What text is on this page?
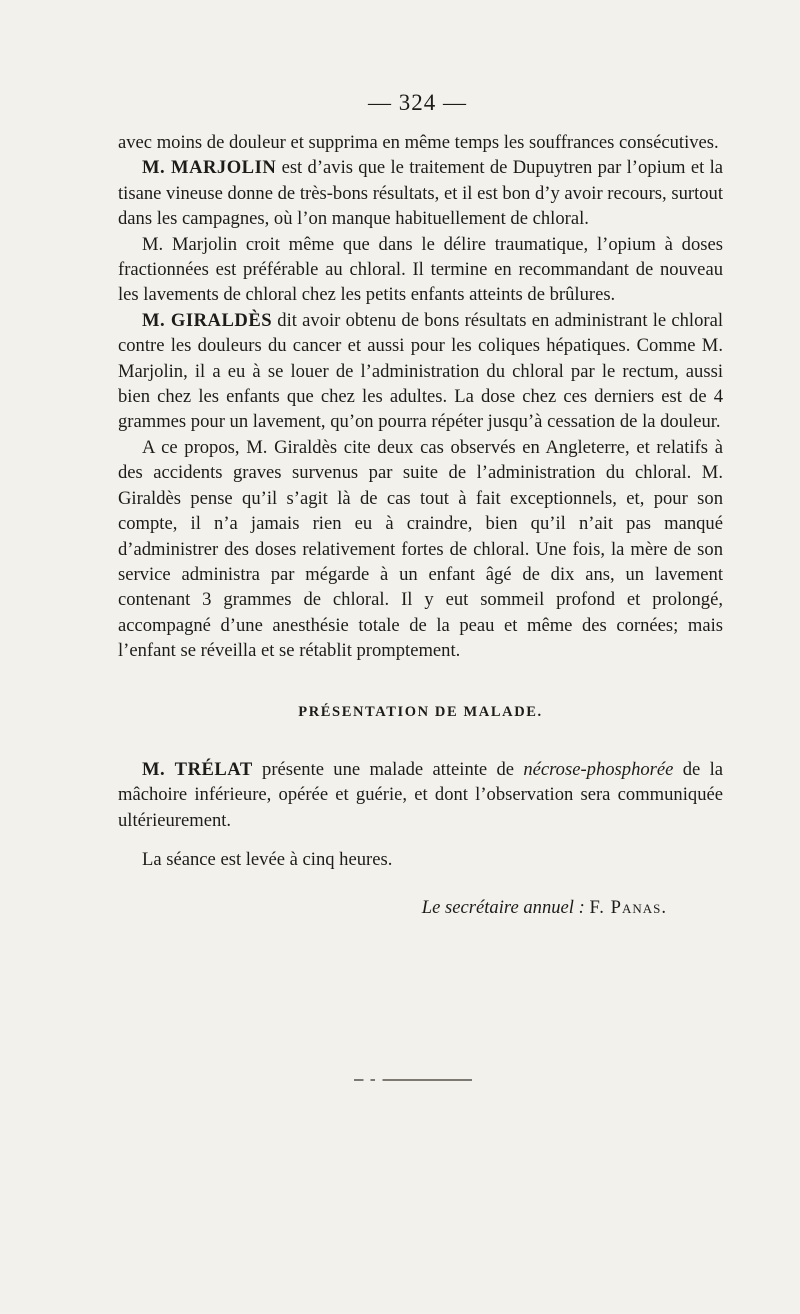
— 324 —

avec moins de douleur et supprima en même temps les souffrances consécutives.

M. MARJOLIN est d’avis que le traitement de Dupuytren par l’opium et la tisane vineuse donne de très-bons résultats, et il est bon d’y avoir recours, surtout dans les campagnes, où l’on manque habituellement de chloral.

M. Marjolin croit même que dans le délire traumatique, l’opium à doses fractionnées est préférable au chloral. Il termine en recommandant de nouveau les lavements de chloral chez les petits enfants atteints de brûlures.

M. GIRALDÈS dit avoir obtenu de bons résultats en administrant le chloral contre les douleurs du cancer et aussi pour les coliques hépatiques. Comme M. Marjolin, il a eu à se louer de l’administration du chloral par le rectum, aussi bien chez les enfants que chez les adultes. La dose chez ces derniers est de 4 grammes pour un lavement, qu’on pourra répéter jusqu’à cessation de la douleur.

A ce propos, M. Giraldès cite deux cas observés en Angleterre, et relatifs à des accidents graves survenus par suite de l’administration du chloral. M. Giraldès pense qu’il s’agit là de cas tout à fait exceptionnels, et, pour son compte, il n’a jamais rien eu à craindre, bien qu’il n’ait pas manqué d’administrer des doses relativement fortes de chloral. Une fois, la mère de son service administra par mégarde à un enfant âgé de dix ans, un lavement contenant 3 grammes de chloral. Il y eut sommeil profond et prolongé, accompagné d’une anesthésie totale de la peau et même des cornées; mais l’enfant se réveilla et se rétablit promptement.

PRÉSENTATION DE MALADE.

M. TRÉLAT présente une malade atteinte de nécrose-phosphorée de la mâchoire inférieure, opérée et guérie, et dont l’observation sera communiquée ultérieurement.

La séance est levée à cinq heures.

Le secrétaire annuel : F. Panas.
